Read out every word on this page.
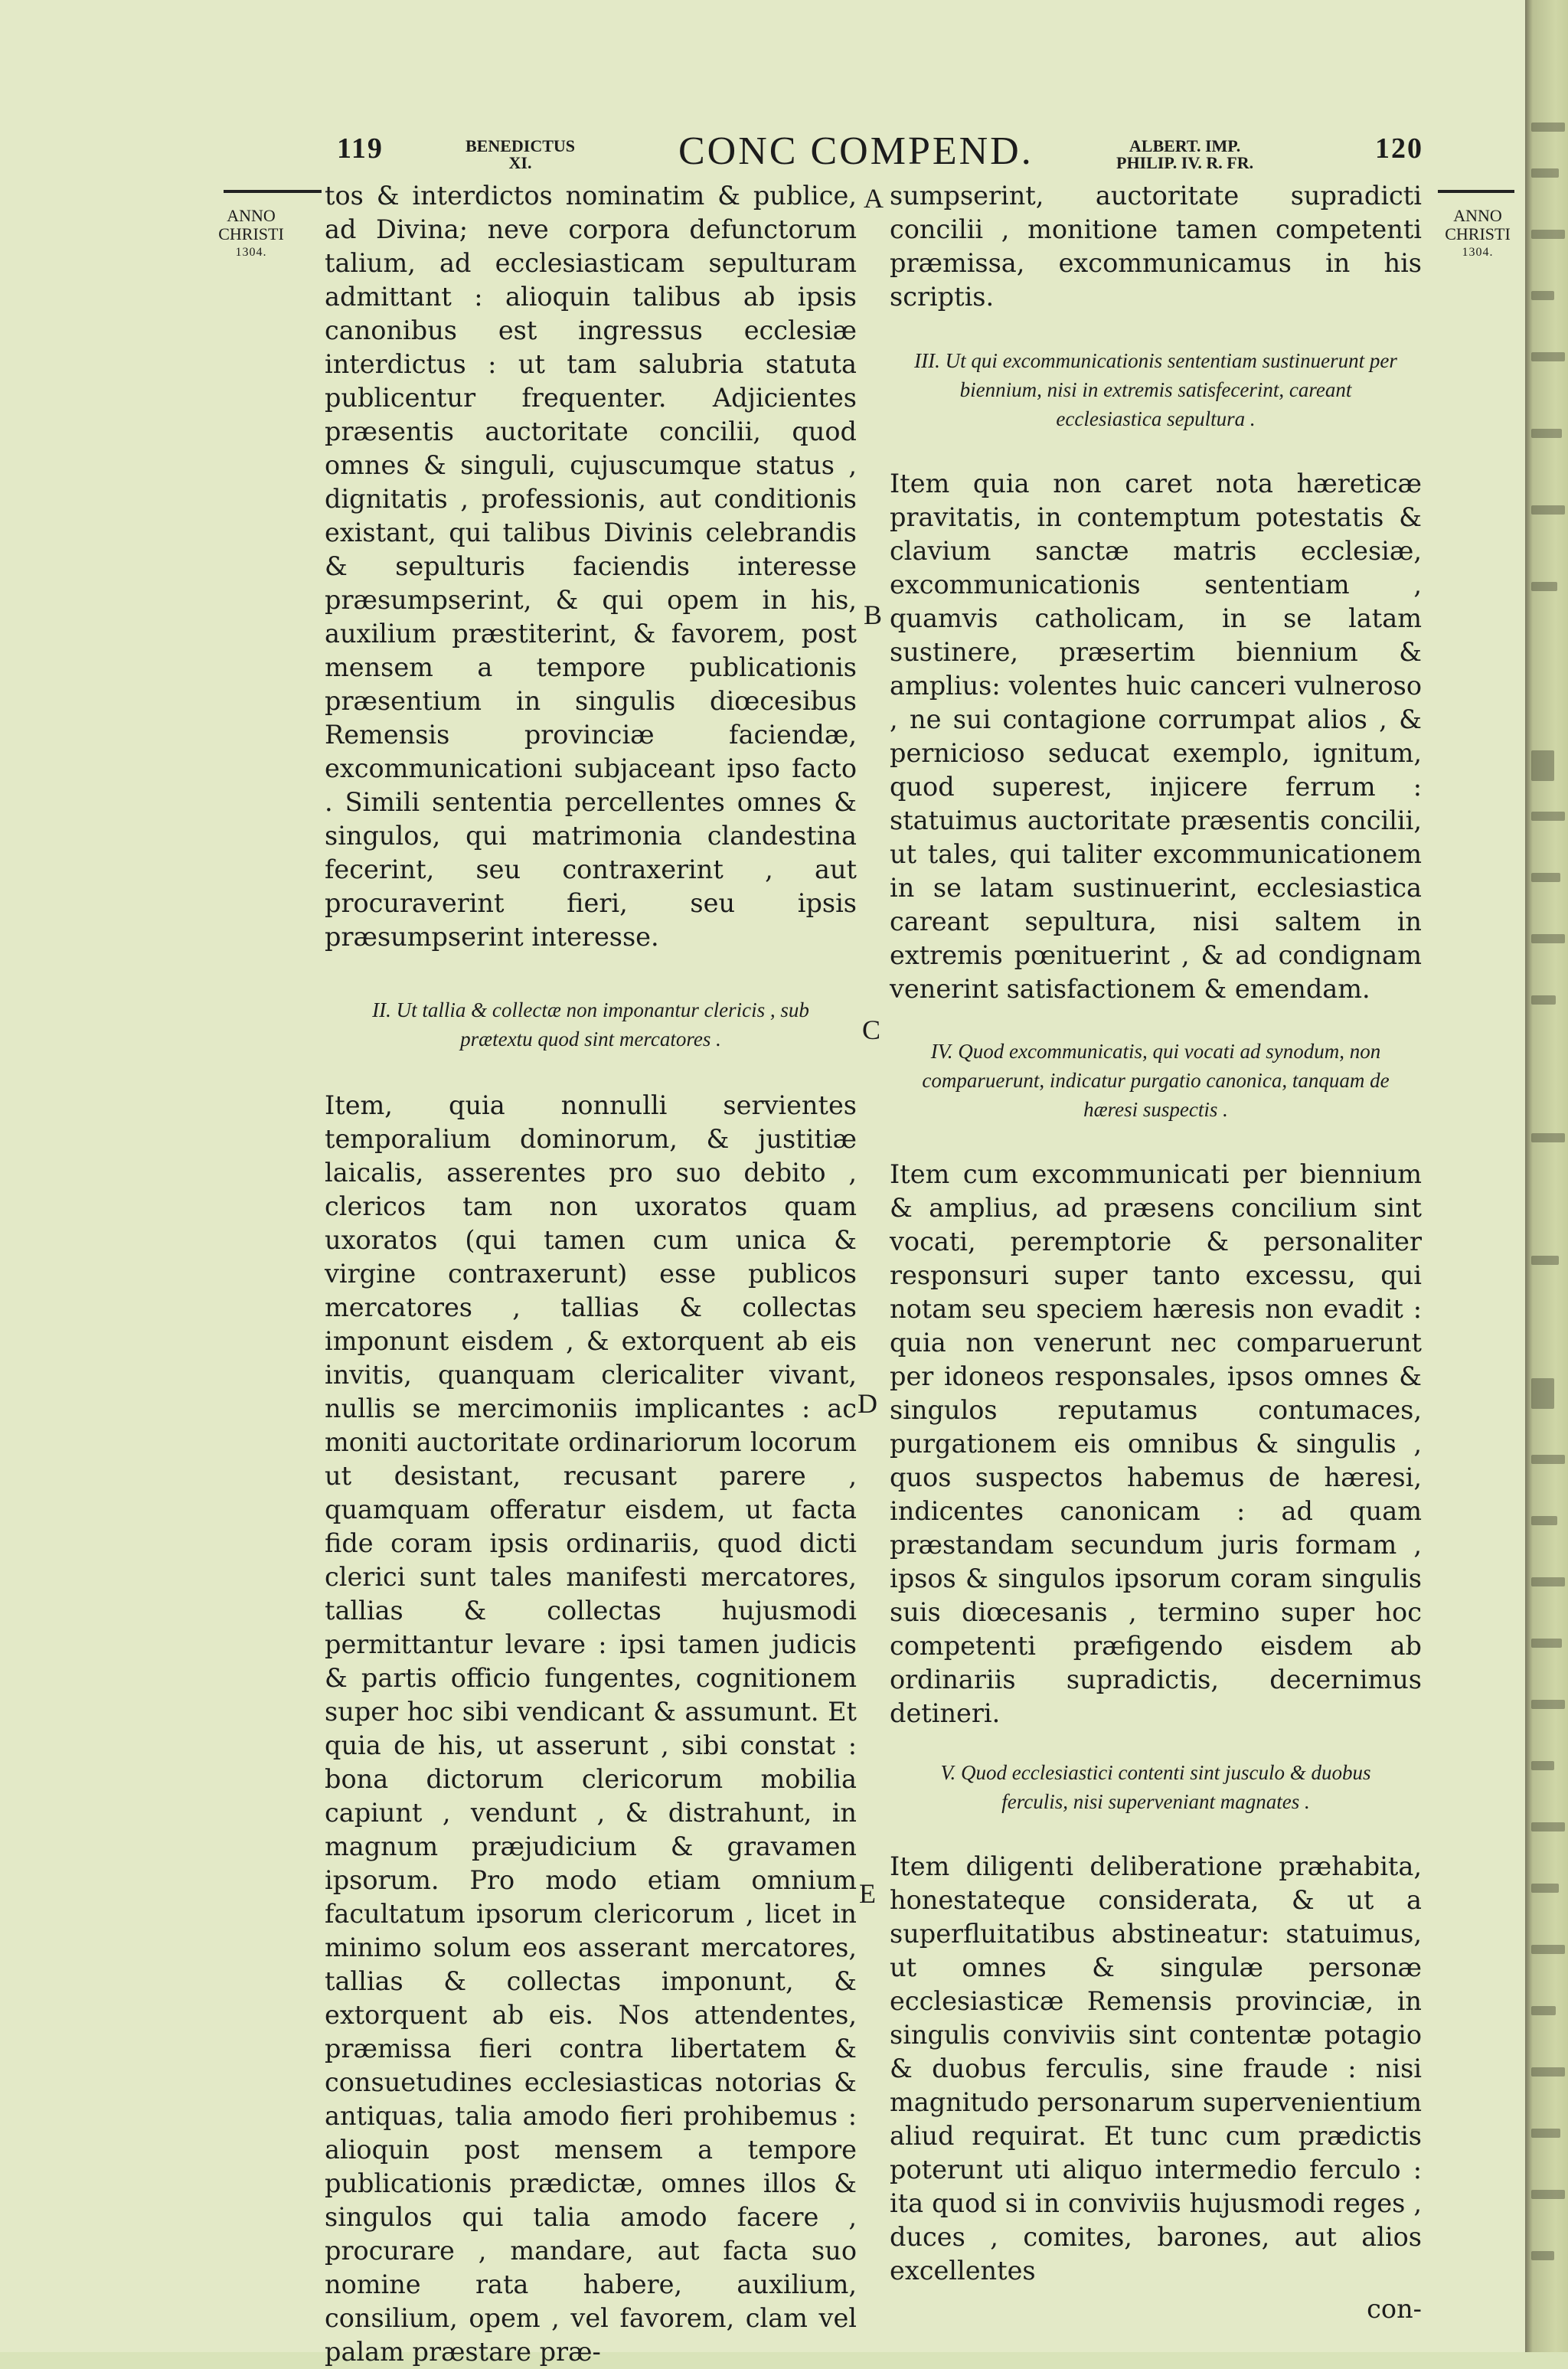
119	BENEDICTUS
XI.	CONC COMPEND.	ALBERT. IMP.
PHILIP. IV. R. FR.	120
ANNO
CHRISTI
1304.
ANNO
CHRISTI
1304.
A
B
C
D
E

tos & interdictos nominatim & publice, ad Divina; neve corpora defunctorum talium, ad ecclesiasticam sepulturam admittant : alioquin talibus ab ipsis canonibus est ingressus ecclesiæ interdictus : ut tam salubria statuta publicentur frequenter. Adjicientes præsentis auctoritate concilii, quod omnes & singuli, cujuscumque status , dignitatis , professionis, aut conditionis existant, qui talibus Divinis celebrandis & sepulturis faciendis interesse præsumpserint, & qui opem in his, auxilium præstiterint, & favorem, post mensem a tempore publicationis præsentium in singulis diœcesibus Remensis provinciæ faciendæ, excommunicationi subjaceant ipso facto . Simili sententia percellentes omnes & singulos, qui matrimonia clandestina fecerint, seu contraxerint , aut procuraverint fieri, seu ipsis præsumpserint interesse.

II. Ut tallia & collectæ non imponantur clericis , sub prætextu quod sint mercatores .

Item, quia nonnulli servientes temporalium dominorum, & justitiæ laicalis, asserentes pro suo debito , clericos tam non uxoratos quam uxoratos (qui tamen cum unica & virgine contraxerunt) esse publicos mercatores , tallias & collectas imponunt eisdem , & extorquent ab eis invitis, quanquam clericaliter vivant, nullis se mercimoniis implicantes : ac moniti auctoritate ordinariorum locorum ut desistant, recusant parere , quamquam offeratur eisdem, ut facta fide coram ipsis ordinariis, quod dicti clerici sunt tales manifesti mercatores, tallias & collectas hujusmodi permittantur levare : ipsi tamen judicis & partis officio fungentes, cognitionem super hoc sibi vendicant & assumunt. Et quia de his, ut asserunt , sibi constat : bona dictorum clericorum mobilia capiunt , vendunt , & distrahunt, in magnum præjudicium & gravamen ipsorum. Pro modo etiam omnium facultatum ipsorum clericorum , licet in minimo solum eos asserant mercatores, tallias & collectas imponunt, & extorquent ab eis. Nos attendentes, præmissa fieri contra libertatem & consuetudines ecclesiasticas notorias & antiquas, talia amodo fieri prohibemus : alioquin post mensem a tempore publicationis prædictæ, omnes illos & singulos qui talia amodo facere , procurare , mandare, aut facta suo nomine rata habere, auxilium, consilium, opem , vel favorem, clam vel palam præstare præ-

sumpserint, auctoritate supradicti concilii , monitione tamen competenti præmissa, excommunicamus in his scriptis.

III. Ut qui excommunicationis sententiam sustinuerunt per biennium, nisi in extremis satisfecerint, careant ecclesiastica sepultura .

Item quia non caret nota hæreticæ pravitatis, in contemptum potestatis & clavium sanctæ matris ecclesiæ, excommunicationis sententiam , quamvis catholicam, in se latam sustinere, præsertim biennium & amplius: volentes huic canceri vulneroso , ne sui contagione corrumpat alios , & pernicioso seducat exemplo, ignitum, quod superest, injicere ferrum : statuimus auctoritate præsentis concilii, ut tales, qui taliter excommunicationem in se latam sustinuerint, ecclesiastica careant sepultura, nisi saltem in extremis pœnituerint , & ad condignam venerint satisfactionem & emendam.

IV. Quod excommunicatis, qui vocati ad synodum, non comparuerunt, indicatur purgatio canonica, tanquam de hæresi suspectis .

Item cum excommunicati per biennium & amplius, ad præsens concilium sint vocati, peremptorie & personaliter responsuri super tanto excessu, qui notam seu speciem hæresis non evadit : quia non venerunt nec comparuerunt per idoneos responsales, ipsos omnes & singulos reputamus contumaces, purgationem eis omnibus & singulis , quos suspectos habemus de hæresi, indicentes canonicam : ad quam præstandam secundum juris formam , ipsos & singulos ipsorum coram singulis suis diœcesanis , termino super hoc competenti præfigendo eisdem ab ordinariis supradictis, decernimus detineri.

V. Quod ecclesiastici contenti sint jusculo & duobus ferculis, nisi superveniant magnates .

Item diligenti deliberatione præhabita, honestateque considerata, & ut a superfluitatibus abstineatur: statuimus, ut omnes & singulæ personæ ecclesiasticæ Remensis provinciæ, in singulis conviviis sint contentæ potagio & duobus ferculis, sine fraude : nisi magnitudo personarum supervenientium aliud requirat. Et tunc cum prædictis poterunt uti aliquo intermedio ferculo : ita quod si in conviviis hujusmodi reges , duces , comites, barones, aut alios excellentes

con-
